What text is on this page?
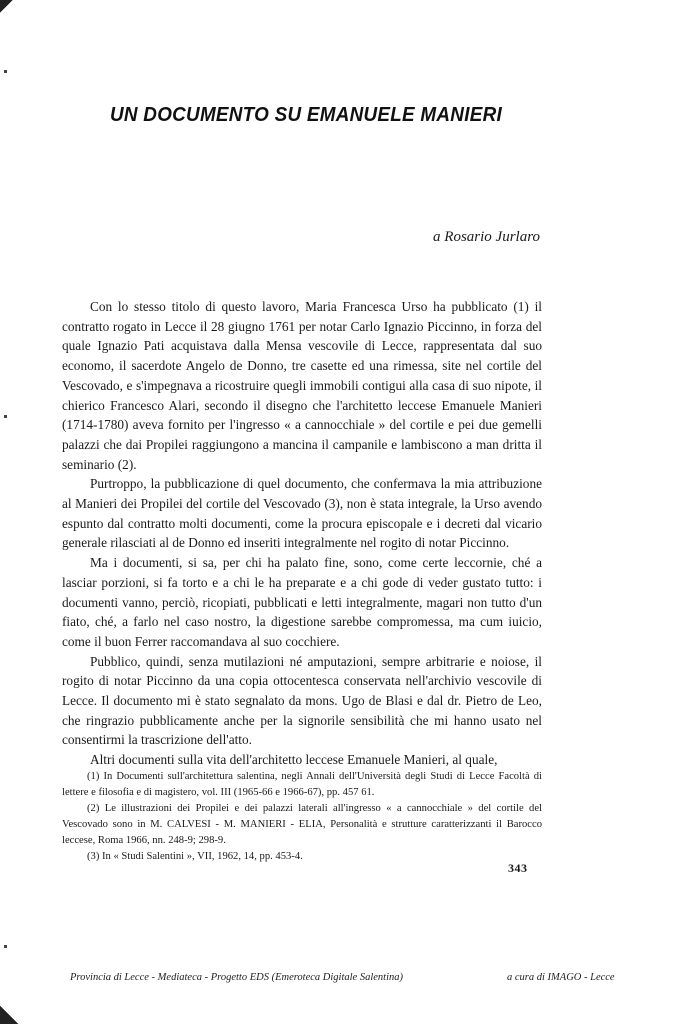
UN DOCUMENTO SU EMANUELE MANIERI
a Rosario Jurlaro

Con lo stesso titolo di questo lavoro, Maria Francesca Urso ha pubblicato (1) il contratto rogato in Lecce il 28 giugno 1761 per notar Carlo Ignazio Piccinno, in forza del quale Ignazio Pati acquistava dalla Mensa vescovile di Lecce, rappresentata dal suo economo, il sacerdote Angelo de Donno, tre casette ed una rimessa, site nel cortile del Vescovado, e s'impegnava a ricostruire quegli immobili contigui alla casa di suo nipote, il chierico Francesco Alari, secondo il disegno che l'architetto leccese Emanuele Manieri (1714-1780) aveva fornito per l'ingresso « a cannocchiale » del cortile e pei due gemelli palazzi che dai Propilei raggiungono a mancina il campanile e lambiscono a man dritta il seminario (2).

Purtroppo, la pubblicazione di quel documento, che confermava la mia attribuzione al Manieri dei Propilei del cortile del Vescovado (3), non è stata integrale, la Urso avendo espunto dal contratto molti documenti, come la procura episcopale e i decreti dal vicario generale rilasciati al de Donno ed inseriti integralmente nel rogito di notar Piccinno.

Ma i documenti, si sa, per chi ha palato fine, sono, come certe leccornie, ché a lasciar porzioni, si fa torto e a chi le ha preparate e a chi gode di veder gustato tutto: i documenti vanno, perciò, ricopiati, pubblicati e letti integralmente, magari non tutto d'un fiato, ché, a farlo nel caso nostro, la digestione sarebbe compromessa, ma cum iuicio, come il buon Ferrer raccomandava al suo cocchiere.

Pubblico, quindi, senza mutilazioni né amputazioni, sempre arbitrarie e noiose, il rogito di notar Piccinno da una copia ottocentesca conservata nell'archivio vescovile di Lecce. Il documento mi è stato segnalato da mons. Ugo de Blasi e dal dr. Pietro de Leo, che ringrazio pubblicamente anche per la signorile sensibilità che mi hanno usato nel consentirmi la trascrizione dell'atto.

Altri documenti sulla vita dell'architetto leccese Emanuele Manieri, al quale,

(1) In Documenti sull'architettura salentina, negli Annali dell'Università degli Studi di Lecce Facoltà di lettere e filosofia e di magistero, vol. III (1965-66 e 1966-67), pp. 457 61.

(2) Le illustrazioni dei Propilei e dei palazzi laterali all'ingresso « a cannocchiale » del cortile del Vescovado sono in M. CALVESI - M. MANIERI - ELIA, Personalità e strutture caratterizzanti il Barocco leccese, Roma 1966, nn. 248-9; 298-9.

(3) In « Studi Salentini », VII, 1962, 14, pp. 453-4.

343
Provincia di Lecce - Mediateca - Progetto EDS (Emeroteca Digitale Salentina)	a cura di IMAGO - Lecce
